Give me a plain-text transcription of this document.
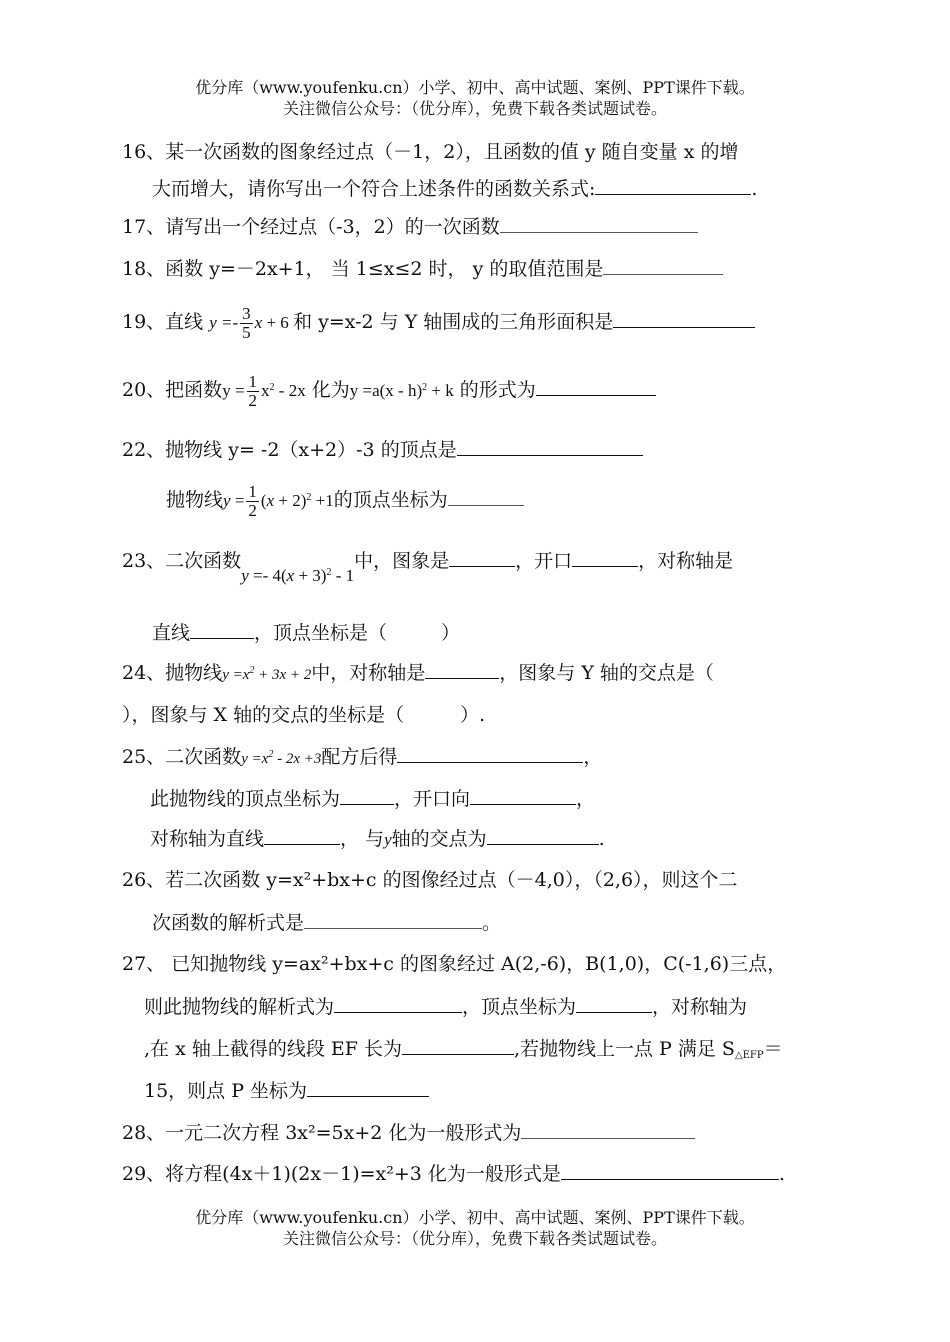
优分库（www.youfenku.cn）小学、初中、高中试题、案例、PPT课件下载。
关注微信公众号：（优分库），免费下载各类试题试卷。
16、某一次函数的图象经过点（－1，2），且函数的值 y 随自变量 x 的增
大而增大，请你写出一个符合上述条件的函数关系式:	.
17、请写出一个经过点（-3，2）的一次函数
18、函数 y=－2x+1， 当 1≤x≤2 时， y 的取值范围是
19、直线 $y =- \frac{3}{5}$ x + 6 和 y=x-2 与 Y 轴围成的三角形面积是
20、把函数$y = \frac{1}{2} x^2 - 2x$ 化为y =a(x - h)$^2$ + k 的形式为
22、抛物线 y= -2（x+2）-3 的顶点是
抛物线$y = \frac{1}{2} (x + 2)^2 +1$的顶点坐标为
23、二次函数$y =- 4(x + 3)^2 - 1$中，图象是	，开口	，对称轴是
直线	，顶点坐标是（	）
24、抛物线$y =x^2 + 3x + 2$中，对称轴是	，图象与 Y 轴的交点是（
），图象与 X 轴的交点的坐标是（	）.
25、二次函数$y =x^2 - 2x +3$配方后得	，
此抛物线的顶点坐标为	，开口向	，
对称轴为直线	， 与y轴的交点为	.
26、若二次函数 y=x²+bx+c 的图像经过点（－4,0），（2,6），则这个二
次函数的解析式是	。
27、 已知抛物线 y=ax²+bx+c 的图象经过 A(2,-6)，B(1,0)，C(-1,6)三点，
则此抛物线的解析式为	，顶点坐标为	，对称轴为
,在 x 轴上截得的线段 EF 长为	,若抛物线上一点 P 满足 $S_{\triangle EFP}=$
15，则点 P 坐标为
28、一元二次方程 3x²=5x+2 化为一般形式为
29、将方程(4x＋1)(2x－1)=x²+3 化为一般形式是	.
优分库（www.youfenku.cn）小学、初中、高中试题、案例、PPT课件下载。
关注微信公众号：（优分库），免费下载各类试题试卷。
